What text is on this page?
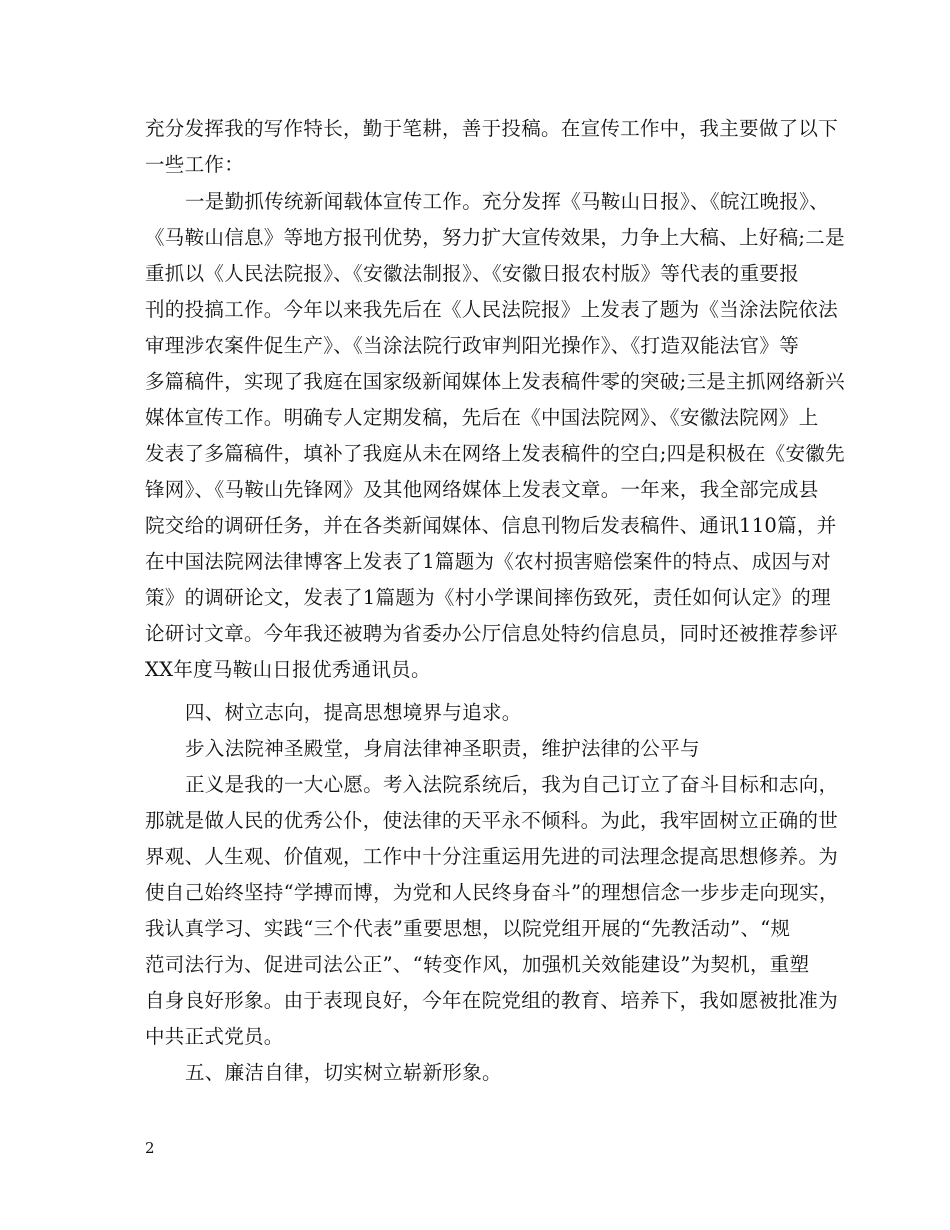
充分发挥我的写作特长，勤于笔耕，善于投稿。在宣传工作中，我主要做了以下
一些工作：
一是勤抓传统新闻载体宣传工作。充分发挥《马鞍山日报》、《皖江晚报》、
《马鞍山信息》等地方报刊优势，努力扩大宣传效果，力争上大稿、上好稿;二是
重抓以《人民法院报》、《安徽法制报》、《安徽日报农村版》等代表的重要报
刊的投搞工作。今年以来我先后在《人民法院报》上发表了题为《当涂法院依法
审理涉农案件促生产》、《当涂法院行政审判阳光操作》、《打造双能法官》等
多篇稿件，实现了我庭在国家级新闻媒体上发表稿件零的突破;三是主抓网络新兴
媒体宣传工作。明确专人定期发稿，先后在《中国法院网》、《安徽法院网》上
发表了多篇稿件，填补了我庭从未在网络上发表稿件的空白;四是积极在《安徽先
锋网》、《马鞍山先锋网》及其他网络媒体上发表文章。一年来，我全部完成县
院交给的调研任务，并在各类新闻媒体、信息刊物后发表稿件、通讯110篇，并
在中国法院网法律博客上发表了1篇题为《农村损害赔偿案件的特点、成因与对
策》的调研论文，发表了1篇题为《村小学课间摔伤致死，责任如何认定》的理
论研讨文章。今年我还被聘为省委办公厅信息处特约信息员，同时还被推荐参评
XX年度马鞍山日报优秀通讯员。
四、树立志向，提高思想境界与追求。
步入法院神圣殿堂，身肩法律神圣职责，维护法律的公平与
正义是我的一大心愿。考入法院系统后，我为自己订立了奋斗目标和志向，
那就是做人民的优秀公仆，使法律的天平永不倾科。为此，我牢固树立正确的世
界观、人生观、价值观，工作中十分注重运用先进的司法理念提高思想修养。为
使自己始终坚持“学搏而博，为党和人民终身奋斗”的理想信念一步步走向现实，
我认真学习、实践“三个代表”重要思想，以院党组开展的“先教活动”、“规
范司法行为、促进司法公正”、“转变作风，加强机关效能建设”为契机，重塑
自身良好形象。由于表现良好，今年在院党组的教育、培养下，我如愿被批准为
中共正式党员。
五、廉洁自律，切实树立崭新形象。
2
